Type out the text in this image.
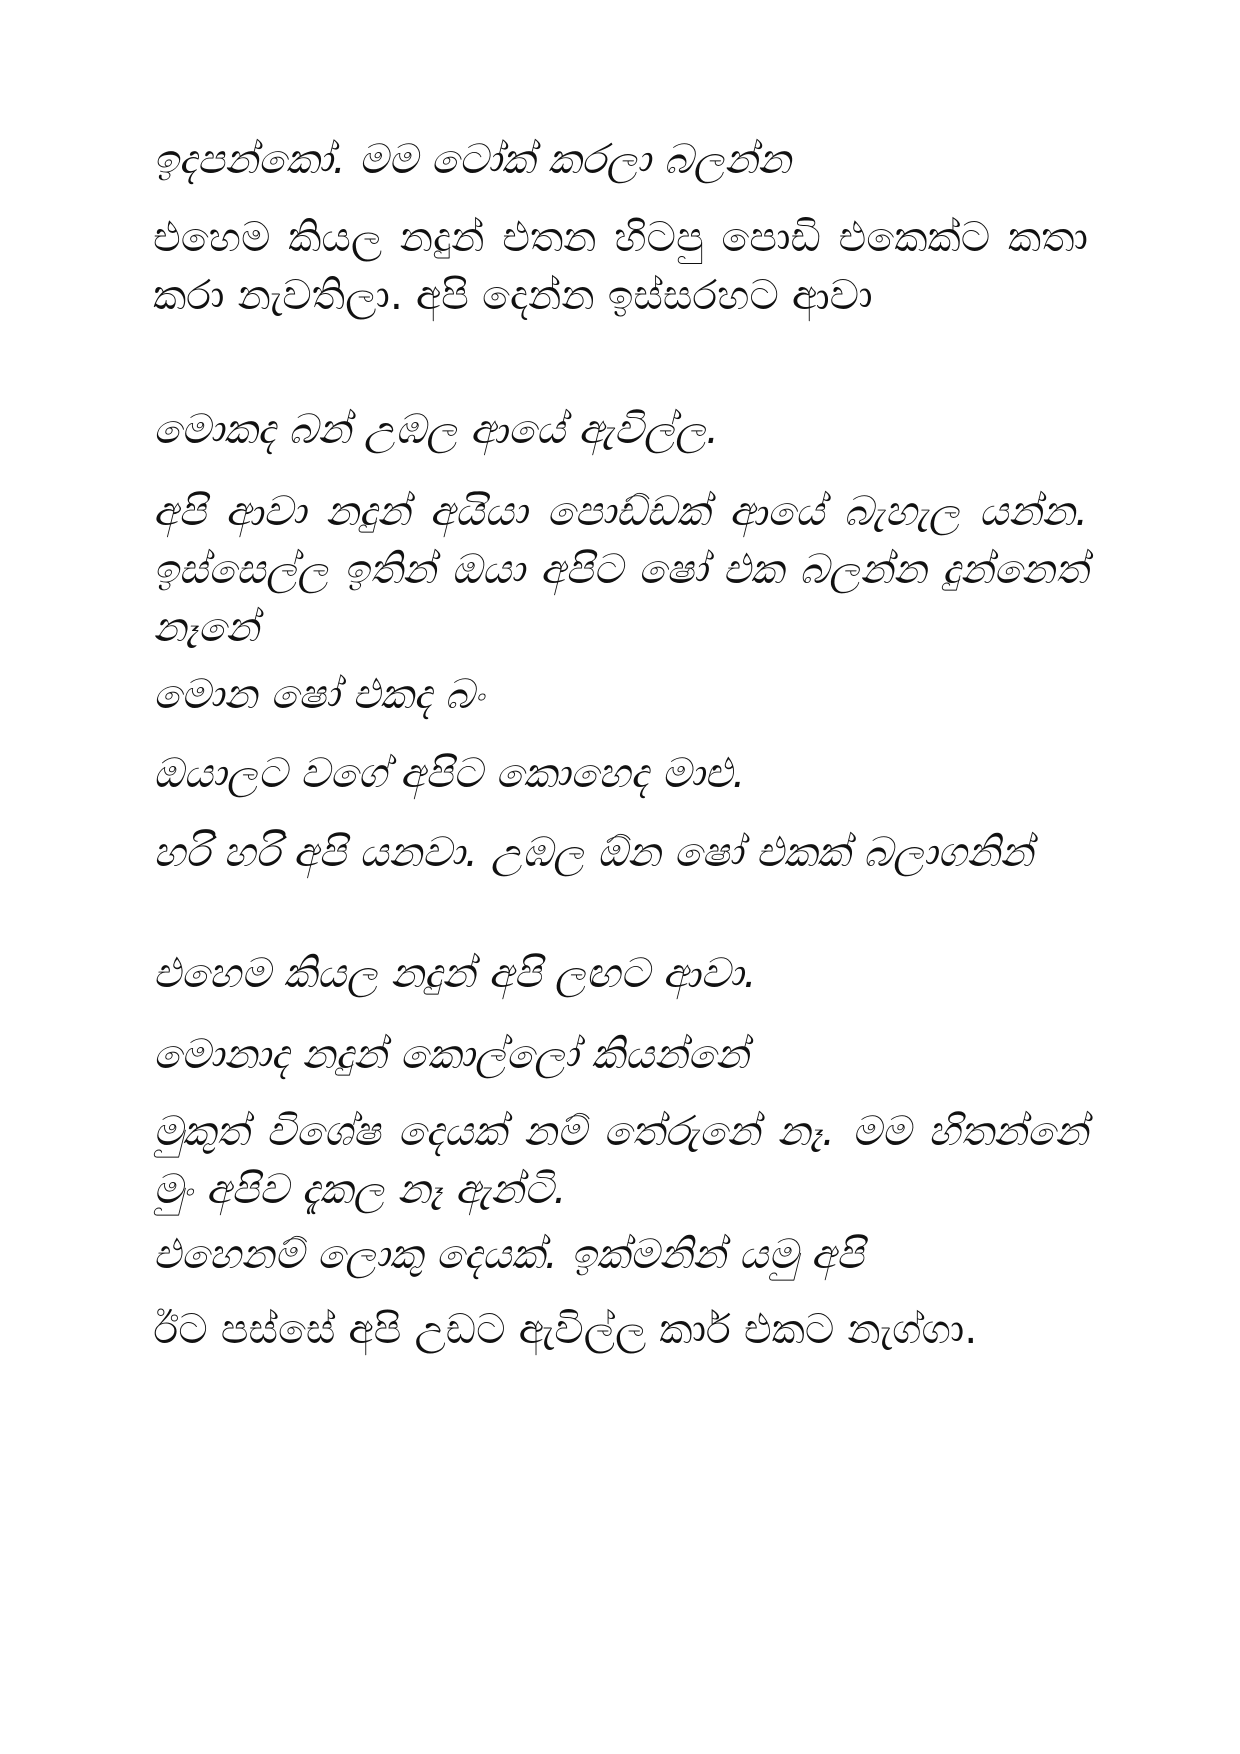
ඉදපන්කෝ. මම ටෝක් කරලා බලන්න

එහෙම කියල නදුන් එතන හිටපු පොඩි එකෙක්ට කතා කරා නැවතිලා. අපි දෙන්න ඉස්සරහට ආවා

මොකද බන් උඹල ආයේ ඇවිල්ල.

අපි ආවා නදුන් අයියා පොඩ්ඩක් ආයේ බැහැල යන්න. ඉස්සෙල්ල ඉතින් ඔයා අපිට ෂෝ එක බලන්න දුන්නෙත් නෑනේ

මොන ෂෝ එකද බං

ඔයාලට වගේ අපිට කොහෙද මාළු.

හරි හරි අපි යනවා. උඹල ඕන ෂෝ එකක් බලාගනින්

එහෙම කියල නදුන් අපි ලඟට ආවා.

මොනාද නදුන් කොල්ලෝ කියන්නේ

මුකුත් විශේෂ දෙයක් නම් තේරුනේ නෑ. මම හිතන්නේ මුං අපිව දැකල නෑ ඇන්ටි.

එහෙනම් ලොකු දෙයක්. ඉක්මනින් යමු අපි

ඊට පස්සේ අපි උඩට ඇවිල්ල කාර් එකට නැග්ගා.
